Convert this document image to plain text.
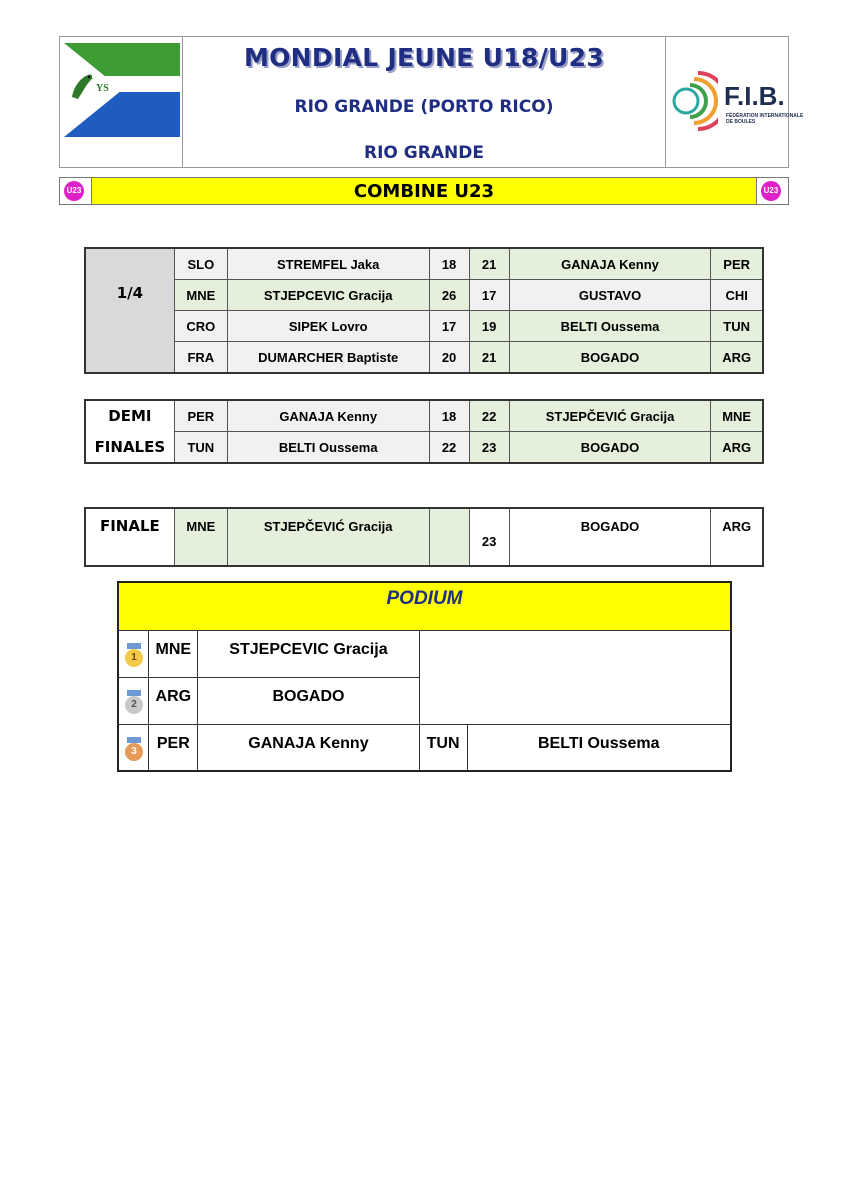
YS
MONDIAL JEUNE U18/U23
RIO GRANDE (PORTO RICO)
RIO GRANDE
F.I.B.
FÉDÉRATION INTERNATIONALE
DE BOULES
U23	COMBINE U23	U23
1/4	SLO	STREMFEL Jaka	18	21	GANAJA Kenny	PER
	MNE	STJEPCEVIC Gracija	26	17	GUSTAVO	CHI
	CRO	SIPEK Lovro	17	19	BELTI Oussema	TUN
	FRA	DUMARCHER Baptiste	20	21	BOGADO	ARG
DEMI	PER	GANAJA Kenny	18	22	STJEPČEVIĆ Gracija	MNE
FINALES	TUN	BELTI Oussema	22	23	BOGADO	ARG
FINALE	MNE	STJEPČEVIĆ Gracija		23	BOGADO	ARG
PODIUM				

1	MNE	STJEPCEVIC Gracija		

2	ARG	BOGADO		

3	PER	GANAJA Kenny	TUN	BELTI Oussema
